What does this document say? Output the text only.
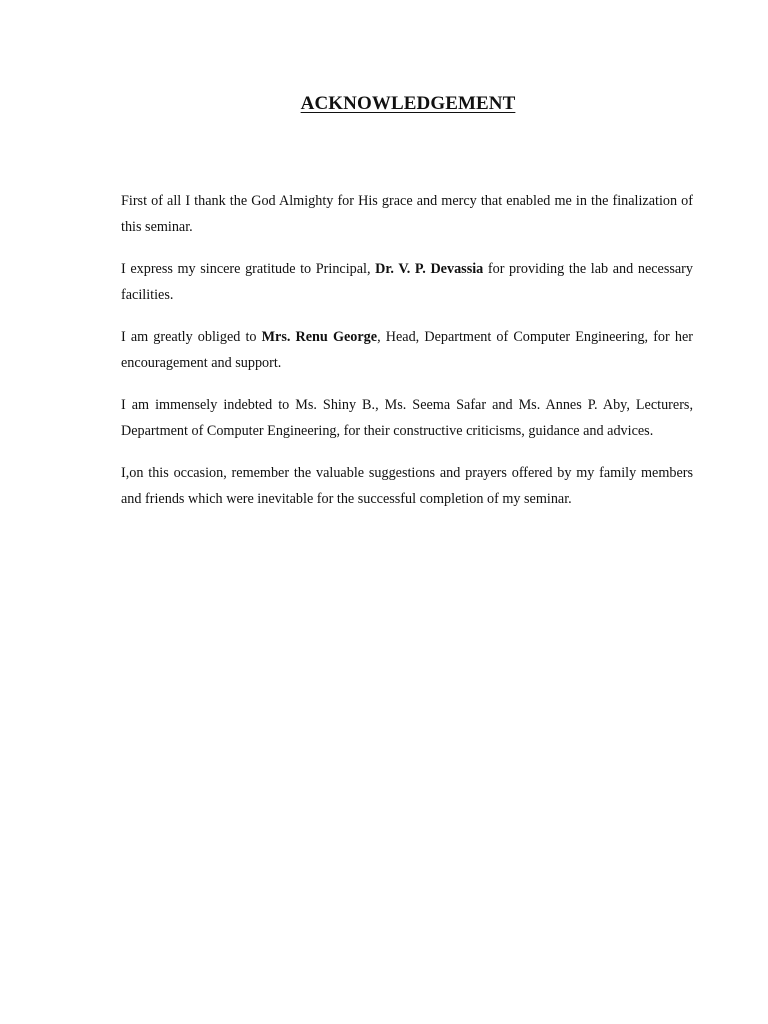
ACKNOWLEDGEMENT

First of all I thank the God Almighty for His grace and mercy that enabled me in the finalization of this seminar.

I express my sincere gratitude to Principal, Dr. V. P. Devassia for providing the lab and necessary facilities.

I am greatly obliged to Mrs. Renu George, Head, Department of Computer Engineering, for her encouragement and support.

I am immensely indebted to Ms. Shiny B., Ms. Seema Safar and Ms. Annes P. Aby, Lecturers, Department of Computer Engineering, for their constructive criticisms, guidance and advices.

I,on this occasion, remember the valuable suggestions and prayers offered by my family members and friends which were inevitable for the successful completion of my seminar.
